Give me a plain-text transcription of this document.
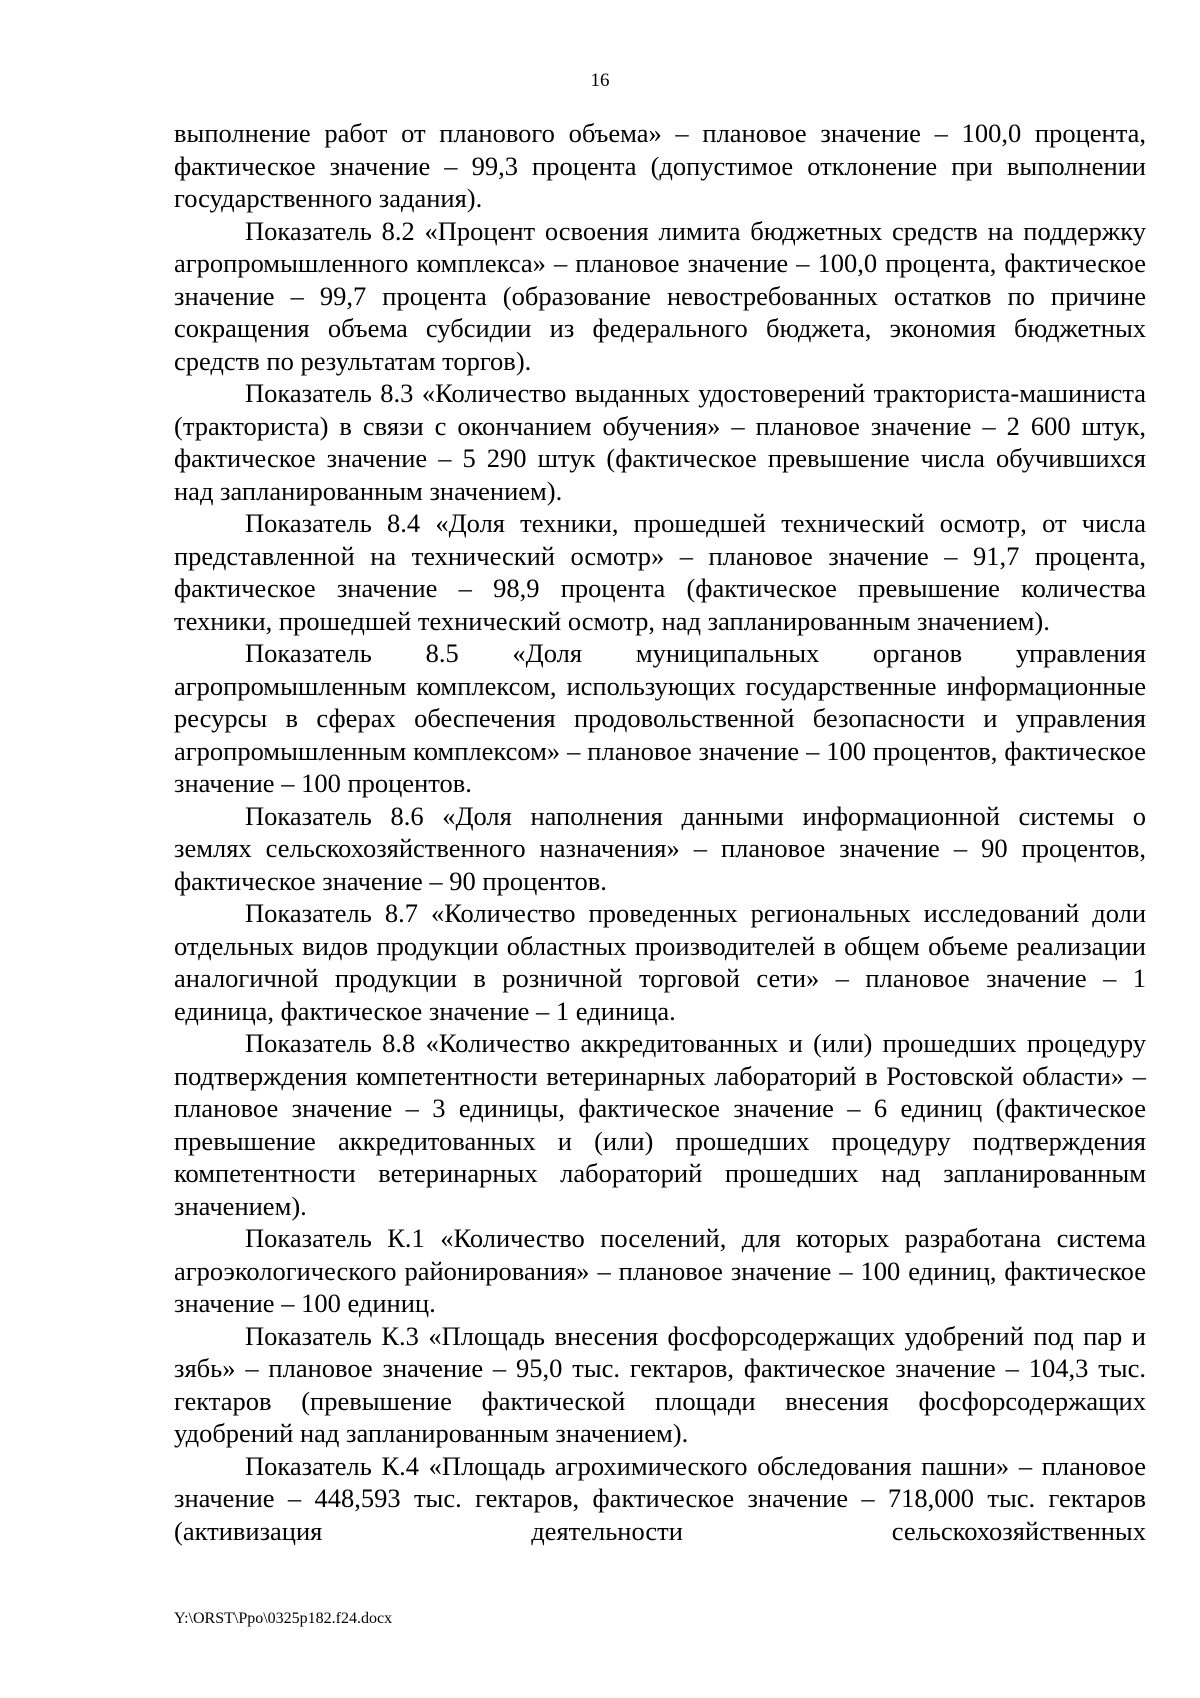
16

выполнение работ от планового объема» – плановое значение – 100,0 процента, фактическое значение – 99,3 процента (допустимое отклонение при выполнении государственного задания).

Показатель 8.2 «Процент освоения лимита бюджетных средств на поддержку агропромышленного комплекса» – плановое значение – 100,0 процента, фактическое значение – 99,7 процента (образование невостребованных остатков по причине сокращения объема субсидии из федерального бюджета, экономия бюджетных средств по результатам торгов).

Показатель 8.3 «Количество выданных удостоверений тракториста-машиниста (тракториста) в связи с окончанием обучения» – плановое значение – 2 600 штук, фактическое значение – 5 290 штук (фактическое превышение числа обучившихся над запланированным значением).

Показатель 8.4 «Доля техники, прошедшей технический осмотр, от числа представленной на технический осмотр» – плановое значение – 91,7 процента, фактическое значение – 98,9 процента (фактическое превышение количества техники, прошедшей технический осмотр, над запланированным значением).

Показатель 8.5 «Доля муниципальных органов управления агропромышленным комплексом, использующих государственные информационные ресурсы в сферах обеспечения продовольственной безопасности и управления агропромышленным комплексом» – плановое значение – 100 процентов, фактическое значение – 100 процентов.

Показатель 8.6 «Доля наполнения данными информационной системы о землях сельскохозяйственного назначения» – плановое значение – 90 процентов, фактическое значение – 90 процентов.

Показатель 8.7 «Количество проведенных региональных исследований доли отдельных видов продукции областных производителей в общем объеме реализации аналогичной продукции в розничной торговой сети» – плановое значение – 1 единица, фактическое значение – 1 единица.

Показатель 8.8 «Количество аккредитованных и (или) прошедших процедуру подтверждения компетентности ветеринарных лабораторий в Ростовской области» – плановое значение – 3 единицы, фактическое значение – 6 единиц (фактическое превышение аккредитованных и (или) прошедших процедуру подтверждения компетентности ветеринарных лабораторий прошедших над запланированным значением).

Показатель К.1 «Количество поселений, для которых разработана система агроэкологического районирования» – плановое значение – 100 единиц, фактическое значение – 100 единиц.

Показатель К.3 «Площадь внесения фосфорсодержащих удобрений под пар и зябь» – плановое значение – 95,0 тыс. гектаров, фактическое значение – 104,3 тыс. гектаров (превышение фактической площади внесения фосфорсодержащих удобрений над запланированным значением).

Показатель К.4 «Площадь агрохимического обследования пашни» – плановое значение – 448,593 тыс. гектаров, фактическое значение – 718,000 тыс. гектаров (активизация деятельности сельскохозяйственных

Y:\ORST\Ppo\0325p182.f24.docx
